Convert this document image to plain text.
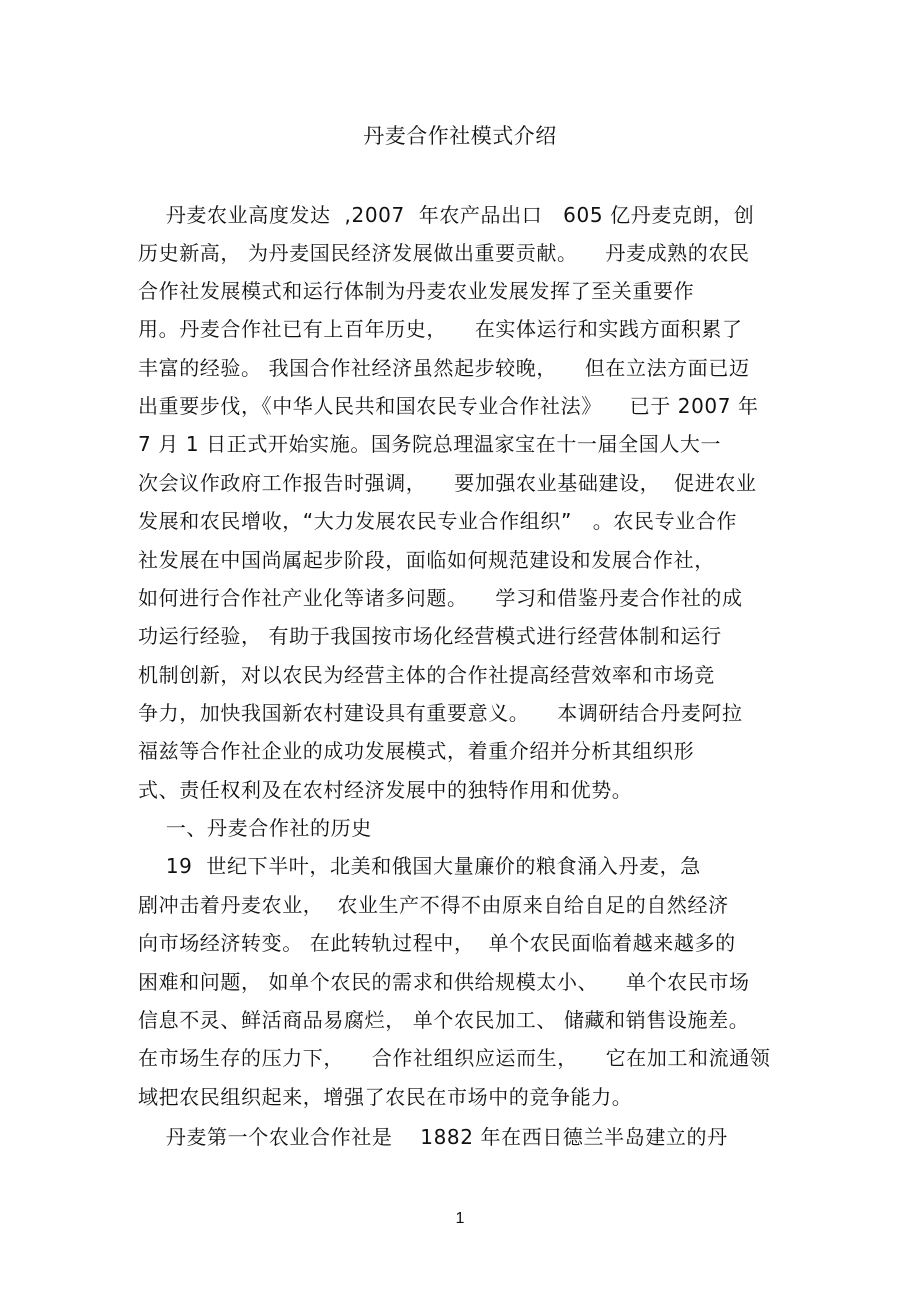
丹麦合作社模式介绍
丹麦农业高度发达  ,2007  年农产品出口   605 亿丹麦克朗，创
历史新高， 为丹麦国民经济发展做出重要贡献。    丹麦成熟的农民
合作社发展模式和运行体制为丹麦农业发展发挥了至关重要作
用。丹麦合作社已有上百年历史，    在实体运行和实践方面积累了
丰富的经验。 我国合作社经济虽然起步较晚，    但在立法方面已迈
出重要步伐，《中华人民共和国农民专业合作社法》    已于 2007 年
7 月 1 日正式开始实施。国务院总理温家宝在十一届全国人大一
次会议作政府工作报告时强调，    要加强农业基础建设，  促进农业
发展和农民增收，“大力发展农民专业合作组织”   。农民专业合作
社发展在中国尚属起步阶段，面临如何规范建设和发展合作社，
如何进行合作社产业化等诸多问题。    学习和借鉴丹麦合作社的成
功运行经验， 有助于我国按市场化经营模式进行经营体制和运行
机制创新，对以农民为经营主体的合作社提高经营效率和市场竞
争力，加快我国新农村建设具有重要意义。    本调研结合丹麦阿拉
福兹等合作社企业的成功发展模式，着重介绍并分析其组织形
式、责任权利及在农村经济发展中的独特作用和优势。
一、丹麦合作社的历史
19  世纪下半叶，北美和俄国大量廉价的粮食涌入丹麦，急
剧冲击着丹麦农业，  农业生产不得不由原来自给自足的自然经济
向市场经济转变。 在此转轨过程中，  单个农民面临着越来越多的
困难和问题， 如单个农民的需求和供给规模太小、    单个农民市场
信息不灵、鲜活商品易腐烂， 单个农民加工、 储藏和销售设施差。
在市场生存的压力下，    合作社组织应运而生，    它在加工和流通领
域把农民组织起来，增强了农民在市场中的竞争能力。
丹麦第一个农业合作社是    1882 年在西日德兰半岛建立的丹
1
